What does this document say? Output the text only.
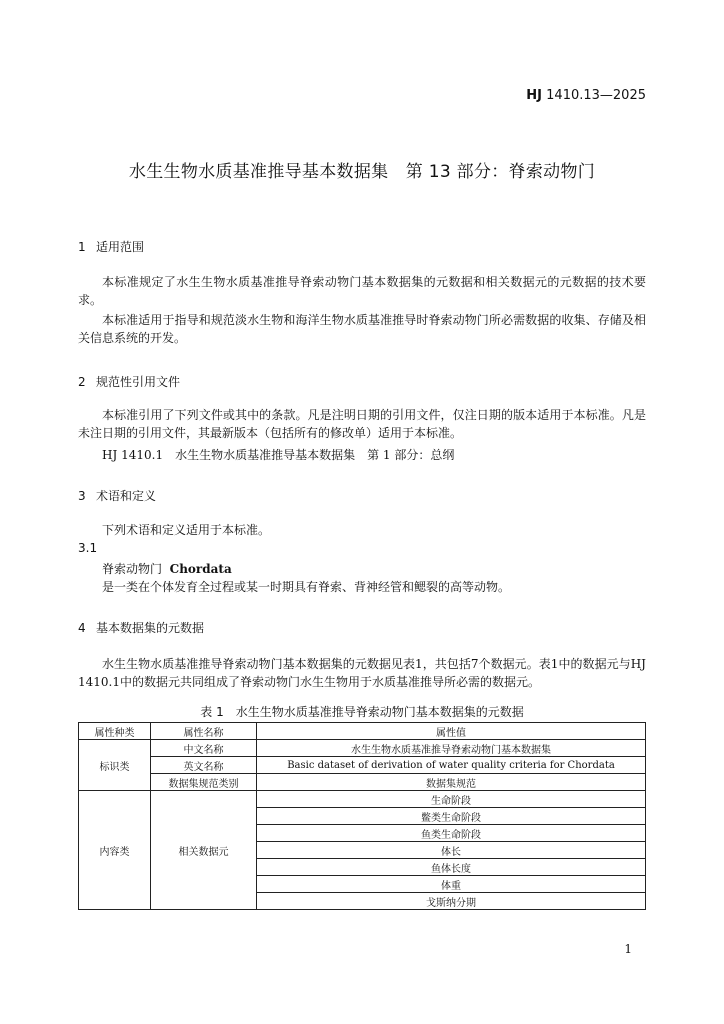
HJ 1410.13—2025
水生生物水质基准推导基本数据集　第 13 部分：脊索动物门
1 适用范围
本标准规定了水生生物水质基准推导脊索动物门基本数据集的元数据和相关数据元的元数据的技术要求。
本标准适用于指导和规范淡水生物和海洋生物水质基准推导时脊索动物门所必需数据的收集、存储及相关信息系统的开发。
2 规范性引用文件
本标准引用了下列文件或其中的条款。凡是注明日期的引用文件，仅注日期的版本适用于本标准。凡是未注日期的引用文件，其最新版本（包括所有的修改单）适用于本标准。
HJ 1410.1　水生生物水质基准推导基本数据集　第 1 部分：总纲
3 术语和定义
下列术语和定义适用于本标准。
3.1
脊索动物门 Chordata
是一类在个体发育全过程或某一时期具有脊索、背神经管和鳃裂的高等动物。
4 基本数据集的元数据
水生生物水质基准推导脊索动物门基本数据集的元数据见表1，共包括7个数据元。表1中的数据元与HJ 1410.1中的数据元共同组成了脊索动物门水生生物用于水质基准推导所必需的数据元。
表 1　水生生物水质基准推导脊索动物门基本数据集的元数据
属性种类	属性名称	属性值
标识类	中文名称	水生生物水质基准推导脊索动物门基本数据集
	英文名称	Basic dataset of derivation of water quality criteria for Chordata
	数据集规范类别	数据集规范
内容类	相关数据元	生命阶段
		鳖类生命阶段
		鱼类生命阶段
		体长
		鱼体长度
		体重
		戈斯纳分期
1
